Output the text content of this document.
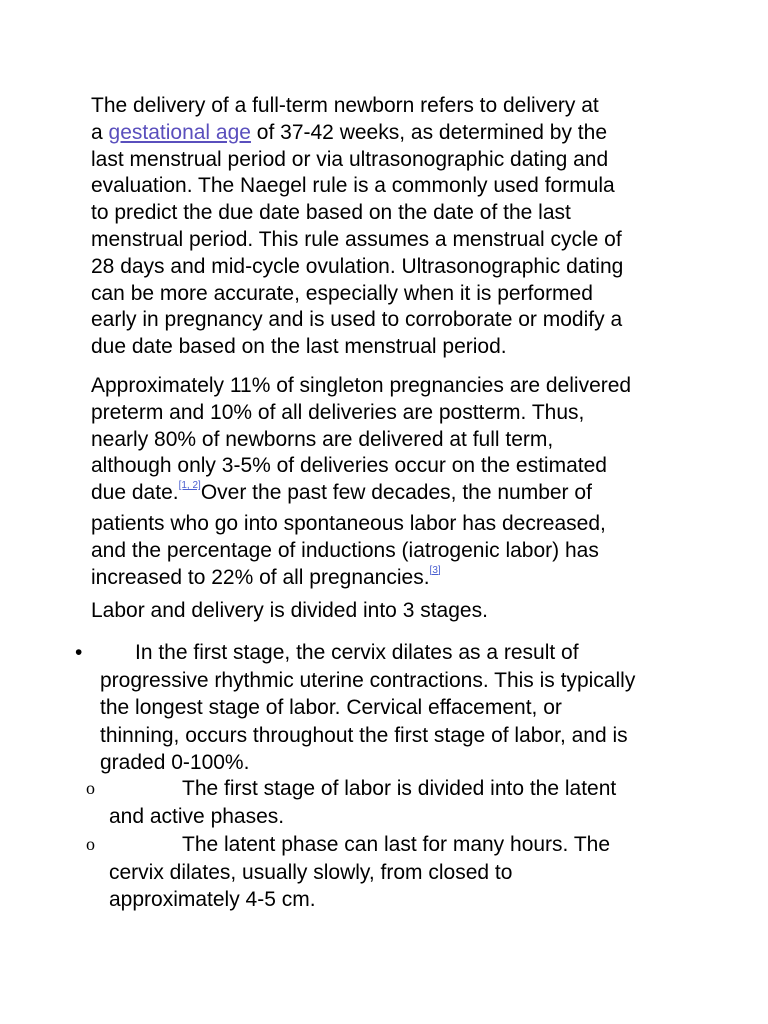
The delivery of a full-term newborn refers to delivery at
a gestational age of 37-42 weeks, as determined by the
last menstrual period or via ultrasonographic dating and
evaluation. The Naegel rule is a commonly used formula
to predict the due date based on the date of the last
menstrual period. This rule assumes a menstrual cycle of
28 days and mid-cycle ovulation. Ultrasonographic dating
can be more accurate, especially when it is performed
early in pregnancy and is used to corroborate or modify a
due date based on the last menstrual period.

Approximately 11% of singleton pregnancies are delivered
preterm and 10% of all deliveries are postterm. Thus,
nearly 80% of newborns are delivered at full term,
although only 3-5% of deliveries occur on the estimated
due date.[1, 2]Over the past few decades, the number of
patients who go into spontaneous labor has decreased,
and the percentage of inductions (iatrogenic labor) has
increased to 22% of all pregnancies.[3]

Labor and delivery is divided into 3 stages.

•	In the first stage, the cervix dilates as a result of
progressive rhythmic uterine contractions. This is typically
the longest stage of labor. Cervical effacement, or
thinning, occurs throughout the first stage of labor, and is
graded 0-100%.
o	The first stage of labor is divided into the latent
and active phases.
o	The latent phase can last for many hours. The
cervix dilates, usually slowly, from closed to
approximately 4-5 cm.
